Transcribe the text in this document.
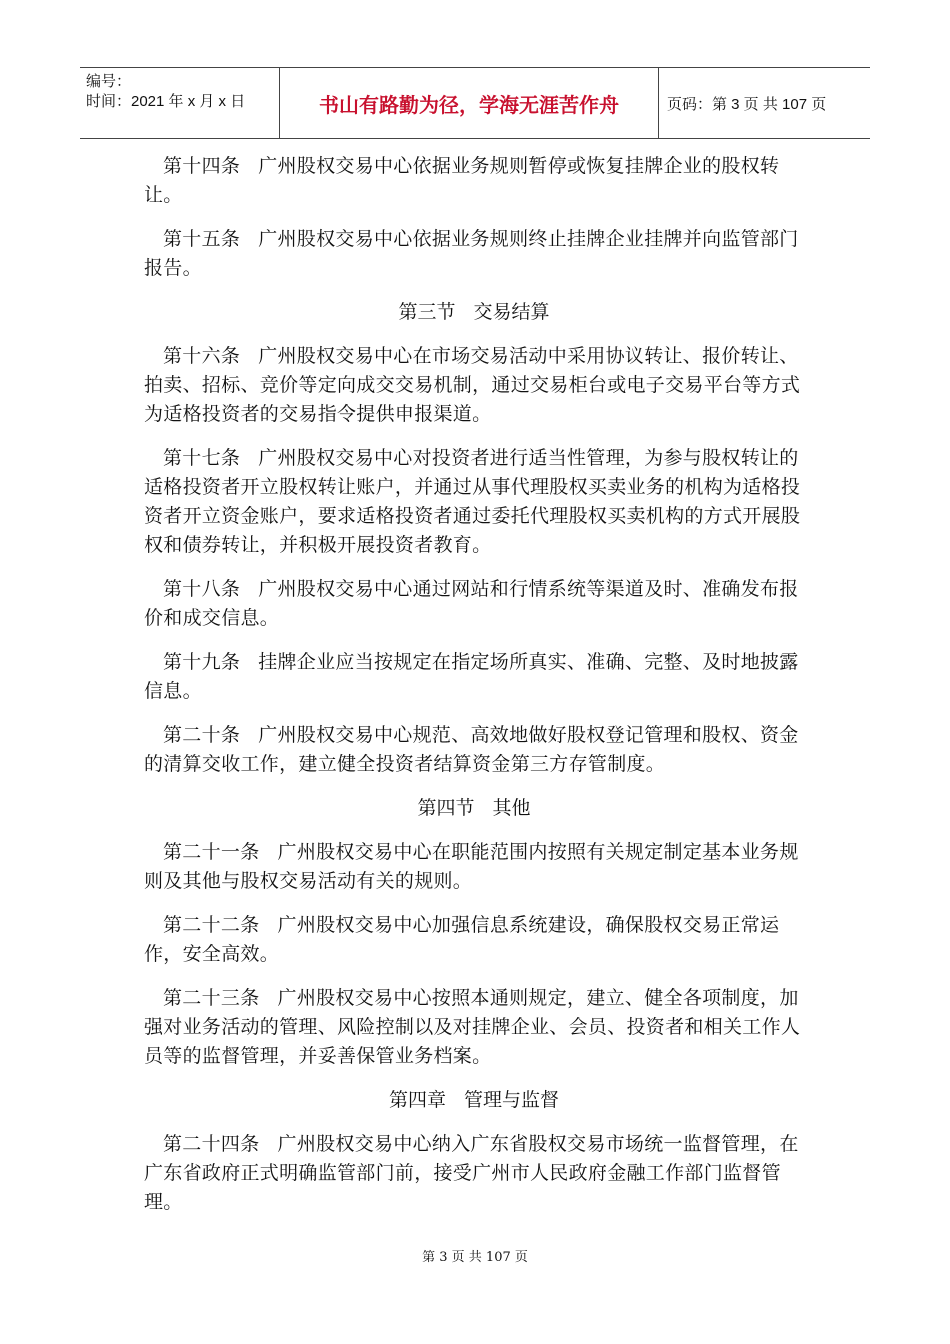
编号：
时间：2021 年 x 月 x 日	书山有路勤为径，学海无涯苦作舟	页码：第 3 页 共 107 页

第十四条 广州股权交易中心依据业务规则暂停或恢复挂牌企业的股权转让。

第十五条 广州股权交易中心依据业务规则终止挂牌企业挂牌并向监管部门报告。

第三节 交易结算

第十六条 广州股权交易中心在市场交易活动中采用协议转让、报价转让、拍卖、招标、竞价等定向成交交易机制，通过交易柜台或电子交易平台等方式为适格投资者的交易指令提供申报渠道。

第十七条 广州股权交易中心对投资者进行适当性管理，为参与股权转让的适格投资者开立股权转让账户，并通过从事代理股权买卖业务的机构为适格投资者开立资金账户，要求适格投资者通过委托代理股权买卖机构的方式开展股权和债券转让，并积极开展投资者教育。

第十八条 广州股权交易中心通过网站和行情系统等渠道及时、准确发布报价和成交信息。

第十九条 挂牌企业应当按规定在指定场所真实、准确、完整、及时地披露信息。

第二十条 广州股权交易中心规范、高效地做好股权登记管理和股权、资金的清算交收工作，建立健全投资者结算资金第三方存管制度。

第四节 其他

第二十一条 广州股权交易中心在职能范围内按照有关规定制定基本业务规则及其他与股权交易活动有关的规则。

第二十二条 广州股权交易中心加强信息系统建设，确保股权交易正常运作，安全高效。

第二十三条 广州股权交易中心按照本通则规定，建立、健全各项制度，加强对业务活动的管理、风险控制以及对挂牌企业、会员、投资者和相关工作人员等的监督管理，并妥善保管业务档案。

第四章 管理与监督

第二十四条 广州股权交易中心纳入广东省股权交易市场统一监督管理，在广东省政府正式明确监管部门前，接受广州市人民政府金融工作部门监督管理。

第 3 页 共 107 页
